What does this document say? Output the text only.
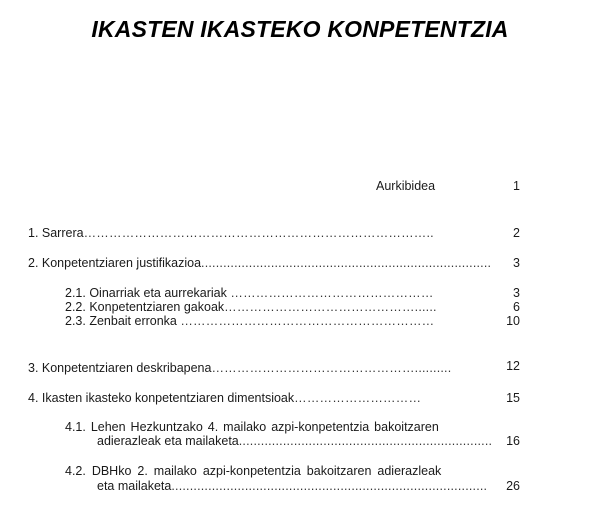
IKASTEN IKASTEKO KONPETENTZIA
Aurkibidea	1
1. Sarrera………………………………………………………………………..	2
2. Konpetentziaren justifikazioa...............................................................................	3
2.1. Oinarriak eta aurrekariak …………………………………………	3
2.2. Konpetentziaren gakoak………………………………………......	6
2.3. Zenbait erronka ……………………………………………………	10
3. Konpetentziaren deskribapena…………………………………………..........	12
4. Ikasten ikasteko konpetentziaren dimentsioak…………………………	15
4.1. Lehen Hezkuntzako 4. mailako azpi-konpetentzia bakoitzaren
adierazleak eta mailaketa.....................................................................	16
4.2. DBHko 2. mailako azpi-konpetentzia bakoitzaren adierazleak
eta mailaketa......................................................................................	26
